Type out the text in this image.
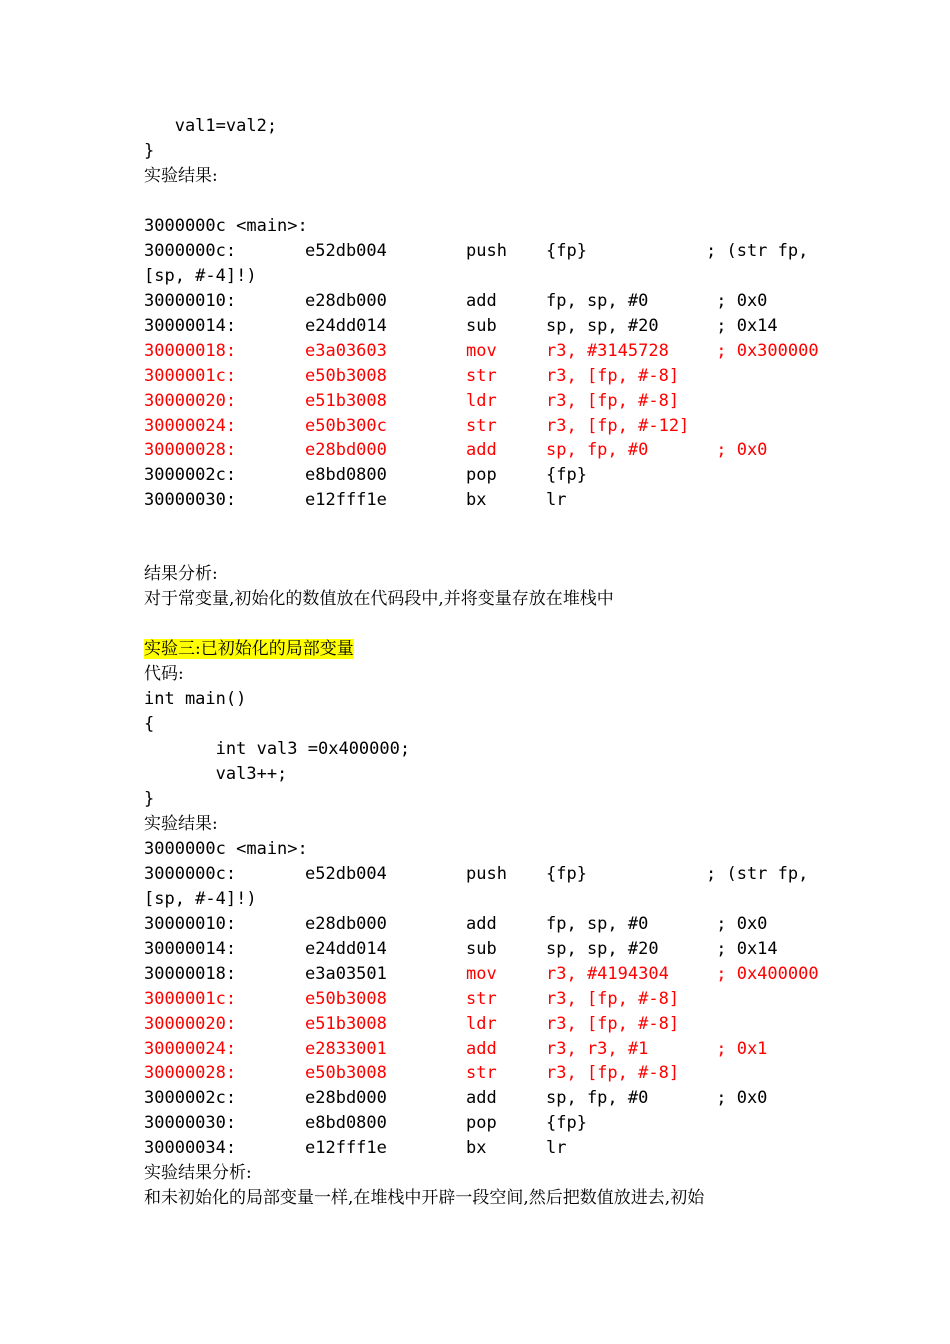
val1=val2;
}
实验结果:
3000000c <main>:
3000000c:	e52db004	push {fp}	; (str fp,
[sp, #-4]!)
30000010:	e28db000	add	fp, sp, #0	; 0x0
30000014:	e24dd014	sub	sp, sp, #20	; 0x14
30000018:	e3a03603	mov	r3, #3145728 ; 0x300000
3000001c:	e50b3008	str	r3, [fp, #-8]
30000020:	e51b3008	ldr	r3, [fp, #-8]
30000024:	e50b300c	str	r3, [fp, #-12]
30000028:	e28bd000	add	sp, fp, #0	; 0x0
3000002c:	e8bd0800	pop	{fp}
30000030:	e12fff1e	bx	lr
结果分析:
对于常变量,初始化的数值放在代码段中,并将变量存放在堆栈中
实验三:已初始化的局部变量
代码:
int main()
{
int val3 =0x400000;
val3++;
}
实验结果:
3000000c <main>:
3000000c:	e52db004	push {fp}	; (str fp,
[sp, #-4]!)
30000010:	e28db000	add	fp, sp, #0	; 0x0
30000014:	e24dd014	sub	sp, sp, #20	; 0x14
30000018:	e3a03501	mov	r3, #4194304 ; 0x400000
3000001c:	e50b3008	str	r3, [fp, #-8]
30000020:	e51b3008	ldr	r3, [fp, #-8]
30000024:	e2833001	add	r3, r3, #1	; 0x1
30000028:	e50b3008	str	r3, [fp, #-8]
3000002c:	e28bd000	add	sp, fp, #0	; 0x0
30000030:	e8bd0800	pop	{fp}
30000034:	e12fff1e	bx	lr
实验结果分析:
和未初始化的局部变量一样,在堆栈中开辟一段空间,然后把数值放进去,初始
